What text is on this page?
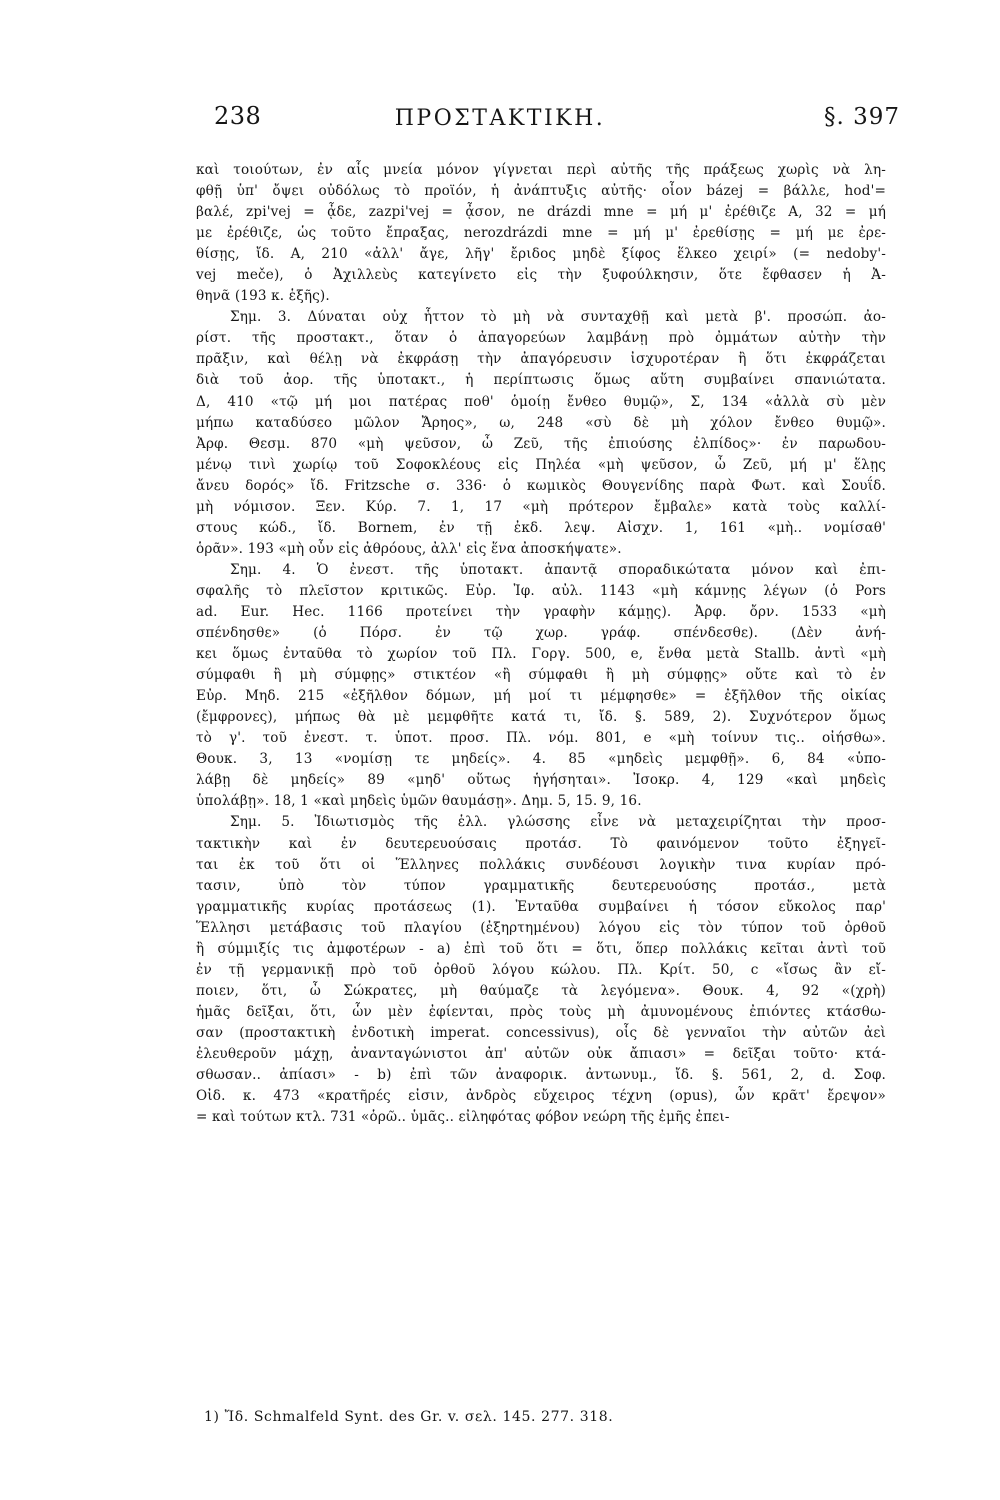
238	ΠΡΟΣΤΑΚΤΙΚΗ.	§. 397
καὶ τοιούτων, ἐν αἷς μνεία μόνον γίγνεται περὶ αὐτῆς τῆς πράξεως χωρὶς νὰ λη-
φθῇ ὑπ' ὄψει οὐδόλως τὸ προϊόν, ἡ ἀνάπτυξις αὐτῆς· οἷον bázej = βάλλε, hod'=
βαλέ, zpi'vej = ᾆδε, zazpi'vej = ᾆσον, ne drázdi mne = μή μ' ἐρέθιζε Α, 32 = μή
με ἐρέθιζε, ὡς τοῦτο ἔπραξας, nerozdrázdi mne = μή μ' ἐρεθίσῃς = μή με ἐρε-
θίσῃς, ἴδ. Α, 210 «ἀλλ' ἄγε, λῆγ' ἔριδος μηδὲ ξίφος ἕλκεο χειρί» (= nedoby'-
vej meče), ὁ Ἀχιλλεὺς κατεγίνετο εἰς τὴν ξυφούλκησιν, ὅτε ἔφθασεν ἡ Ἀ-
θηνᾶ (193 κ. ἑξῆς).
Σημ. 3. Δύναται οὐχ ἧττον τὸ μὴ νὰ συνταχθῇ καὶ μετὰ β'. προσώπ. ἀο-
ρίστ. τῆς προστακτ., ὅταν ὁ ἀπαγορεύων λαμβάνῃ πρὸ ὀμμάτων αὐτὴν τὴν
πρᾶξιν, καὶ θέλῃ νὰ ἐκφράσῃ τὴν ἀπαγόρευσιν ἰσχυροτέραν ἢ ὅτι ἐκφράζεται
διὰ τοῦ ἀορ. τῆς ὑποτακτ., ἡ περίπτωσις ὅμως αὕτη συμβαίνει σπανιώτατα.
Δ, 410 «τῷ μή μοι πατέρας ποθ' ὁμοίῃ ἔνθεο θυμῷ», Σ, 134 «ἀλλὰ σὺ μὲν
μήπω καταδύσεο μῶλον Ἄρηος», ω, 248 «σὺ δὲ μὴ χόλον ἔνθεο θυμῷ».
Ἀρφ. Θεσμ. 870 «μὴ ψεῦσον, ὦ Ζεῦ, τῆς ἐπιούσης ἐλπίδος»· ἐν παρωδου-
μένῳ τινὶ χωρίῳ τοῦ Σοφοκλέους εἰς Πηλέα «μὴ ψεῦσον, ὦ Ζεῦ, μή μ' ἕλῃς
ἄνευ δορός» ἴδ. Fritzsche σ. 336· ὁ κωμικὸς Θουγενίδης παρὰ Φωτ. καὶ Σουΐδ.
μὴ νόμισον. Ξεν. Κύρ. 7. 1, 17 «μὴ πρότερον ἔμβαλε» κατὰ τοὺς καλλί-
στους κώδ., ἴδ. Bornem, ἐν τῇ ἐκδ. λεψ. Αἰσχν. 1, 161 «μὴ.. νομίσαθ'
ὁρᾶν». 193 «μὴ οὖν εἰς ἀθρόους, ἀλλ' εἰς ἕνα ἀποσκήψατε».
Σημ. 4. Ὁ ἐνεστ. τῆς ὑποτακτ. ἀπαντᾷ σποραδικώτατα μόνον καὶ ἐπι-
σφαλῆς τὸ πλεῖστον κριτικῶς. Εὐρ. Ἰφ. αὐλ. 1143 «μὴ κάμνῃς λέγων (ὁ Pors
ad. Eur. Hec. 1166 προτείνει τὴν γραφὴν κάμῃς). Ἀρφ. ὄρν. 1533 «μὴ
σπένδησθε» (ὁ Πόρσ. ἐν τῷ χωρ. γράφ. σπένδεσθε). (Δὲν ἀνή-
κει ὅμως ἐνταῦθα τὸ χωρίον τοῦ Πλ. Γοργ. 500, e, ἔνθα μετὰ Stallb. ἀντὶ «μὴ
σύμφαθι ἢ μὴ σύμφῃς» στικτέον «ἢ σύμφαθι ἢ μὴ σύμφῃς» οὔτε καὶ τὸ ἐν
Εὐρ. Μηδ. 215 «ἐξῆλθον δόμων, μή μοί τι μέμφησθε» = ἐξῆλθον τῆς οἰκίας
(ἔμφρονες), μήπως θὰ μὲ μεμφθῆτε κατά τι, ἴδ. §. 589, 2). Συχνότερον ὅμως
τὸ γ'. τοῦ ἐνεστ. τ. ὑποτ. προσ. Πλ. νόμ. 801, e «μὴ τοίνυν τις.. οἰήσθω».
Θουκ. 3, 13 «νομίσῃ τε μηδείς». 4. 85 «μηδεὶς μεμφθῇ». 6, 84 «ὑπο-
λάβῃ δὲ μηδείς» 89 «μηδ' οὕτως ἡγήσηται». Ἰσοκρ. 4, 129 «καὶ μηδεὶς
ὑπολάβῃ». 18, 1 «καὶ μηδεὶς ὑμῶν θαυμάσῃ». Δημ. 5, 15. 9, 16.
Σημ. 5. Ἰδιωτισμὸς τῆς ἑλλ. γλώσσης εἶνε νὰ μεταχειρίζηται τὴν προσ-
τακτικὴν καὶ ἐν δευτερευούσαις προτάσ. Τὸ φαινόμενον τοῦτο ἐξηγεῖ-
ται ἐκ τοῦ ὅτι οἱ Ἕλληνες πολλάκις συνδέουσι λογικὴν τινα κυρίαν πρό-
τασιν, ὑπὸ τὸν τύπον γραμματικῆς δευτερευούσης προτάσ., μετὰ
γραμματικῆς κυρίας προτάσεως (1). Ἐνταῦθα συμβαίνει ἡ τόσον εὔκολος παρ'
Ἕλλησι μετάβασις τοῦ πλαγίου (ἐξηρτημένου) λόγου εἰς τὸν τύπον τοῦ ὀρθοῦ
ἢ σύμμιξίς τις ἀμφοτέρων - a) ἐπὶ τοῦ ὅτι = ὅτι, ὅπερ πολλάκις κεῖται ἀντὶ τοῦ
ἐν τῇ γερμανικῇ πρὸ τοῦ ὀρθοῦ λόγου κώλου. Πλ. Κρίτ. 50, c «ἴσως ἂν εἴ-
ποιεν, ὅτι, ὦ Σώκρατες, μὴ θαύμαζε τὰ λεγόμενα». Θουκ. 4, 92 «(χρὴ)
ἡμᾶς δεῖξαι, ὅτι, ὧν μὲν ἐφίενται, πρὸς τοὺς μὴ ἀμυνομένους ἐπιόντες κτάσθω-
σαν (προστακτικὴ ἐνδοτικὴ imperat. concessivus), οἷς δὲ γενναῖοι τὴν αὐτῶν ἀεὶ
ἐλευθεροῦν μάχῃ, ἀνανταγώνιστοι ἀπ' αὐτῶν οὐκ ἄπιασι» = δεῖξαι τοῦτο· κτά-
σθωσαν.. ἀπίασι» - b) ἐπὶ τῶν ἀναφορικ. ἀντωνυμ., ἴδ. §. 561, 2, d. Σοφ.
Οἰδ. κ. 473 «κρατῆρές εἰσιν, ἀνδρὸς εὔχειρος τέχνη (opus), ὧν κρᾶτ' ἔρεψον»
= καὶ τούτων κτλ. 731 «ὁρῶ.. ὑμᾶς.. εἰληφότας φόβον νεώρη τῆς ἐμῆς ἐπει-
1) Ἴδ. Schmalfeld Synt. des Gr. v. σελ. 145. 277. 318.
